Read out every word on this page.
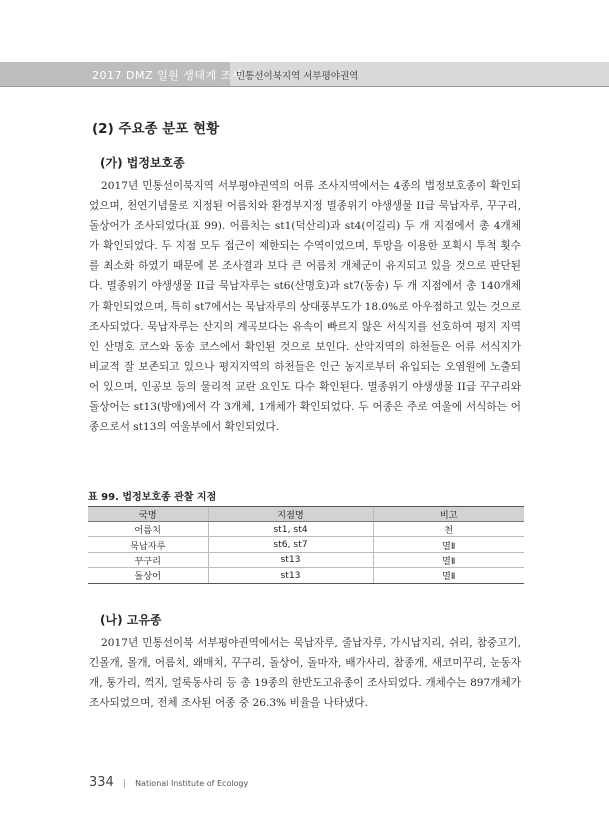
2017 DMZ 일원 생태계 조사
민통선이북지역 서부평야권역
(2) 주요종 분포 현황
(가) 법정보호종

2017년 민통선이북지역 서부평야권역의 어류 조사지역에서는 4종의 법정보호종이 확인되었으며, 천연기념물로 지정된 어름치와 환경부지정 멸종위기 야생생물 II급 묵납자루, 꾸구리, 돌상어가 조사되었다(표 99). 어름치는 st1(덕산리)과 st4(이길리) 두 개 지점에서 총 4개체가 확인되었다. 두 지점 모두 접근이 제한되는 수역이었으며, 투망을 이용한 포획시 투척 횟수를 최소화 하였기 때문에 본 조사결과 보다 큰 어름치 개체군이 유지되고 있을 것으로 판단된다. 멸종위기 야생생물 II급 묵납자루는 st6(산명호)과 st7(동송) 두 개 지점에서 총 140개체가 확인되었으며, 특히 st7에서는 묵납자루의 상대풍부도가 18.0%로 아우점하고 있는 것으로 조사되었다. 묵납자루는 산지의 계곡보다는 유속이 빠르지 않은 서식지를 선호하여 평지 지역인 산명호 코스와 동송 코스에서 확인된 것으로 보인다. 산악지역의 하천들은 어류 서식지가 비교적 잘 보존되고 있으나 평지지역의 하천들은 인근 농지로부터 유입되는 오염원에 노출되어 있으며, 인공보 등의 물리적 교란 요인도 다수 확인된다. 멸종위기 야생생물 II급 꾸구리와 돌상어는 st13(방애)에서 각 3개체, 1개체가 확인되었다. 두 어종은 주로 여울에 서식하는 어종으로서 st13의 여울부에서 확인되었다.

표 99. 법정보호종 관찰 지점
국명	지점명	비고
어름치	st1, st4	천
묵납자루	st6, st7	멸Ⅱ
꾸구리	st13	멸Ⅱ
돌상어	st13	멸Ⅱ
(나) 고유종

2017년 민통선이북 서부평야권역에서는 묵납자루, 줄납자루, 가시납지리, 쉬리, 참중고기, 긴몰개, 몰개, 어름치, 왜매치, 꾸구리, 돌상어, 돌마자, 배가사리, 참종개, 새코미꾸리, 눈동자개, 퉁가리, 꺽지, 얼룩동사리 등 총 19종의 한반도고유종이 조사되었다. 개체수는 897개체가 조사되었으며, 전체 조사된 어종 중 26.3% 비율을 나타냈다.

334 | National Institute of Ecology
